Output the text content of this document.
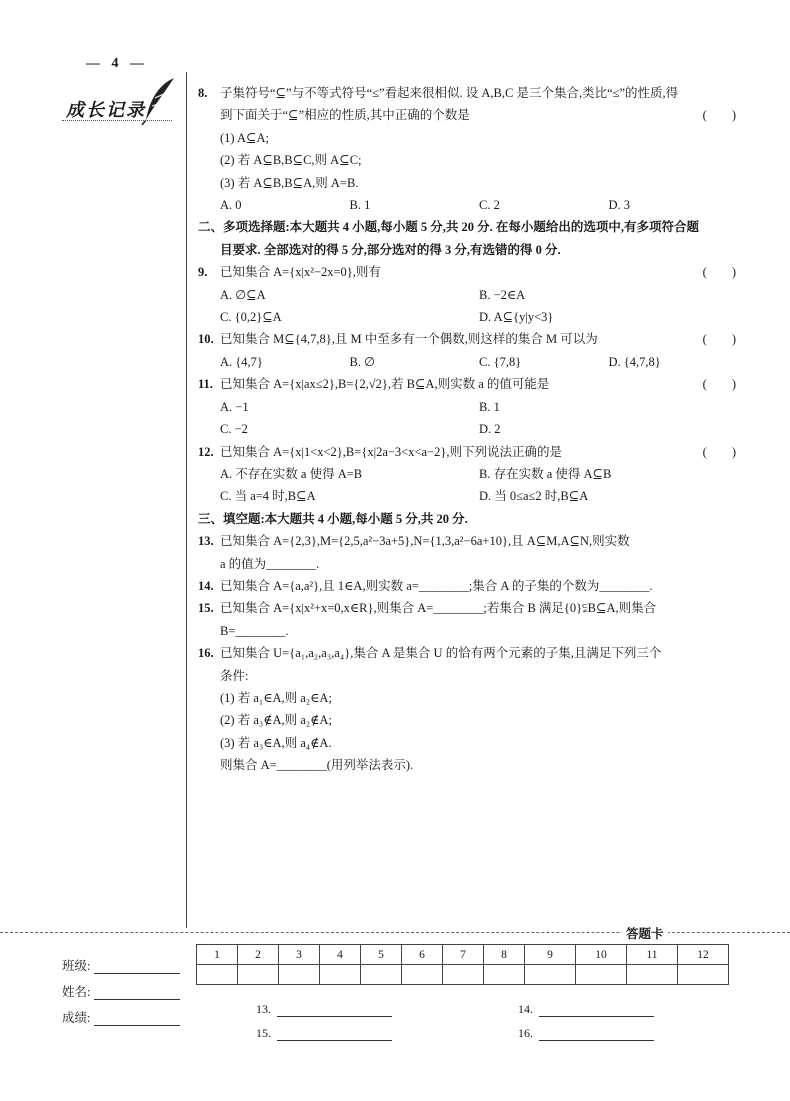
— 4 —
成长记录
8.	子集符号“⊆”与不等式符号“≤”看起来很相似. 设 A,B,C 是三个集合,类比“≤”的性质,得
到下面关于“⊆”相应的性质,其中正确的个数是	(　　)
(1) A⊆A;
(2) 若 A⊆B,B⊆C,则 A⊆C;
(3) 若 A⊆B,B⊆A,则 A=B.
A. 0	B. 1	C. 2	D. 3
二、多项选择题:本大题共 4 小题,每小题 5 分,共 20 分. 在每小题给出的选项中,有多项符合题
目要求. 全部选对的得 5 分,部分选对的得 3 分,有选错的得 0 分.
9.	已知集合 A={x|x²−2x=0},则有	(　　)
A. ∅⊆A	B. −2∈A
C. {0,2}⊆A	D. A⊆{y|y<3}
10. 已知集合 M⊆{4,7,8},且 M 中至多有一个偶数,则这样的集合 M 可以为	(　　)
A. {4,7}	B. ∅	C. {7,8}	D. {4,7,8}
11. 已知集合 A={x|ax≤2},B={2,√2},若 B⊆A,则实数 a 的值可能是	(　　)
A. −1	B. 1
C. −2	D. 2
12. 已知集合 A={x|1<x<2},B={x|2a−3<x<a−2},则下列说法正确的是	(　　)
A. 不存在实数 a 使得 A=B	B. 存在实数 a 使得 A⊆B
C. 当 a=4 时,B⊆A	D. 当 0≤a≤2 时,B⊆A
三、填空题:本大题共 4 小题,每小题 5 分,共 20 分.
13. 已知集合 A={2,3},M={2,5,a²−3a+5},N={1,3,a²−6a+10},且 A⊆M,A⊆N,则实数
a 的值为________.
14. 已知集合 A={a,a²},且 1∈A,则实数 a=________;集合 A 的子集的个数为________.
15. 已知集合 A={x|x²+x=0,x∈R},则集合 A=________;若集合 B 满足{0}⫋B⊆A,则集合
B=________.
16. 已知集合 U={a₁,a₂,a₃,a₄},集合 A 是集合 U 的恰有两个元素的子集,且满足下列三个
条件:
(1) 若 a₁∈A,则 a₂∈A;
(2) 若 a₃∉A,则 a₂∉A;
(3) 若 a₃∈A,则 a₄∉A.
则集合 A=________(用列举法表示).
答题卡
班级:
姓名:
成绩:
1	2	3	4	5	6	7	8	9	10	11	12

13.	14.
15.	16.
